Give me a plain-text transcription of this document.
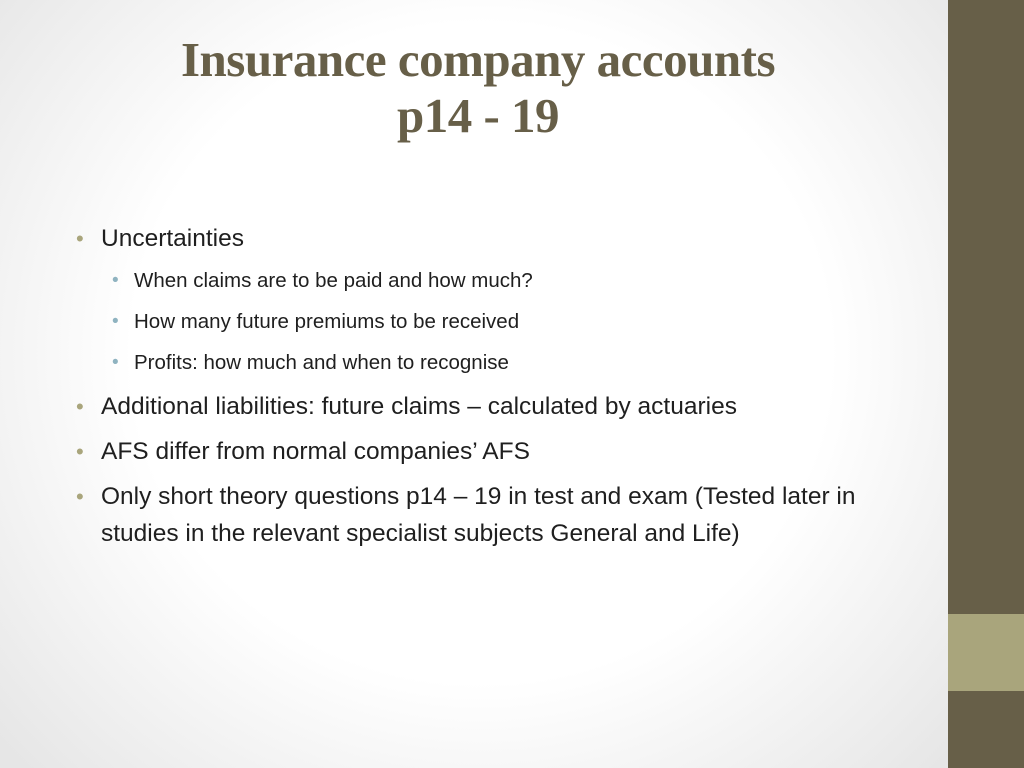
Insurance company accounts
p14 - 19
• Uncertainties
• When claims are to be paid and how much?
• How many future premiums to be received
• Profits: how much and when to recognise
• Additional liabilities: future claims – calculated by actuaries
• AFS differ from normal companies’ AFS
• Only short theory questions p14 – 19 in test and exam (Tested later in studies in the relevant specialist subjects General and Life)
